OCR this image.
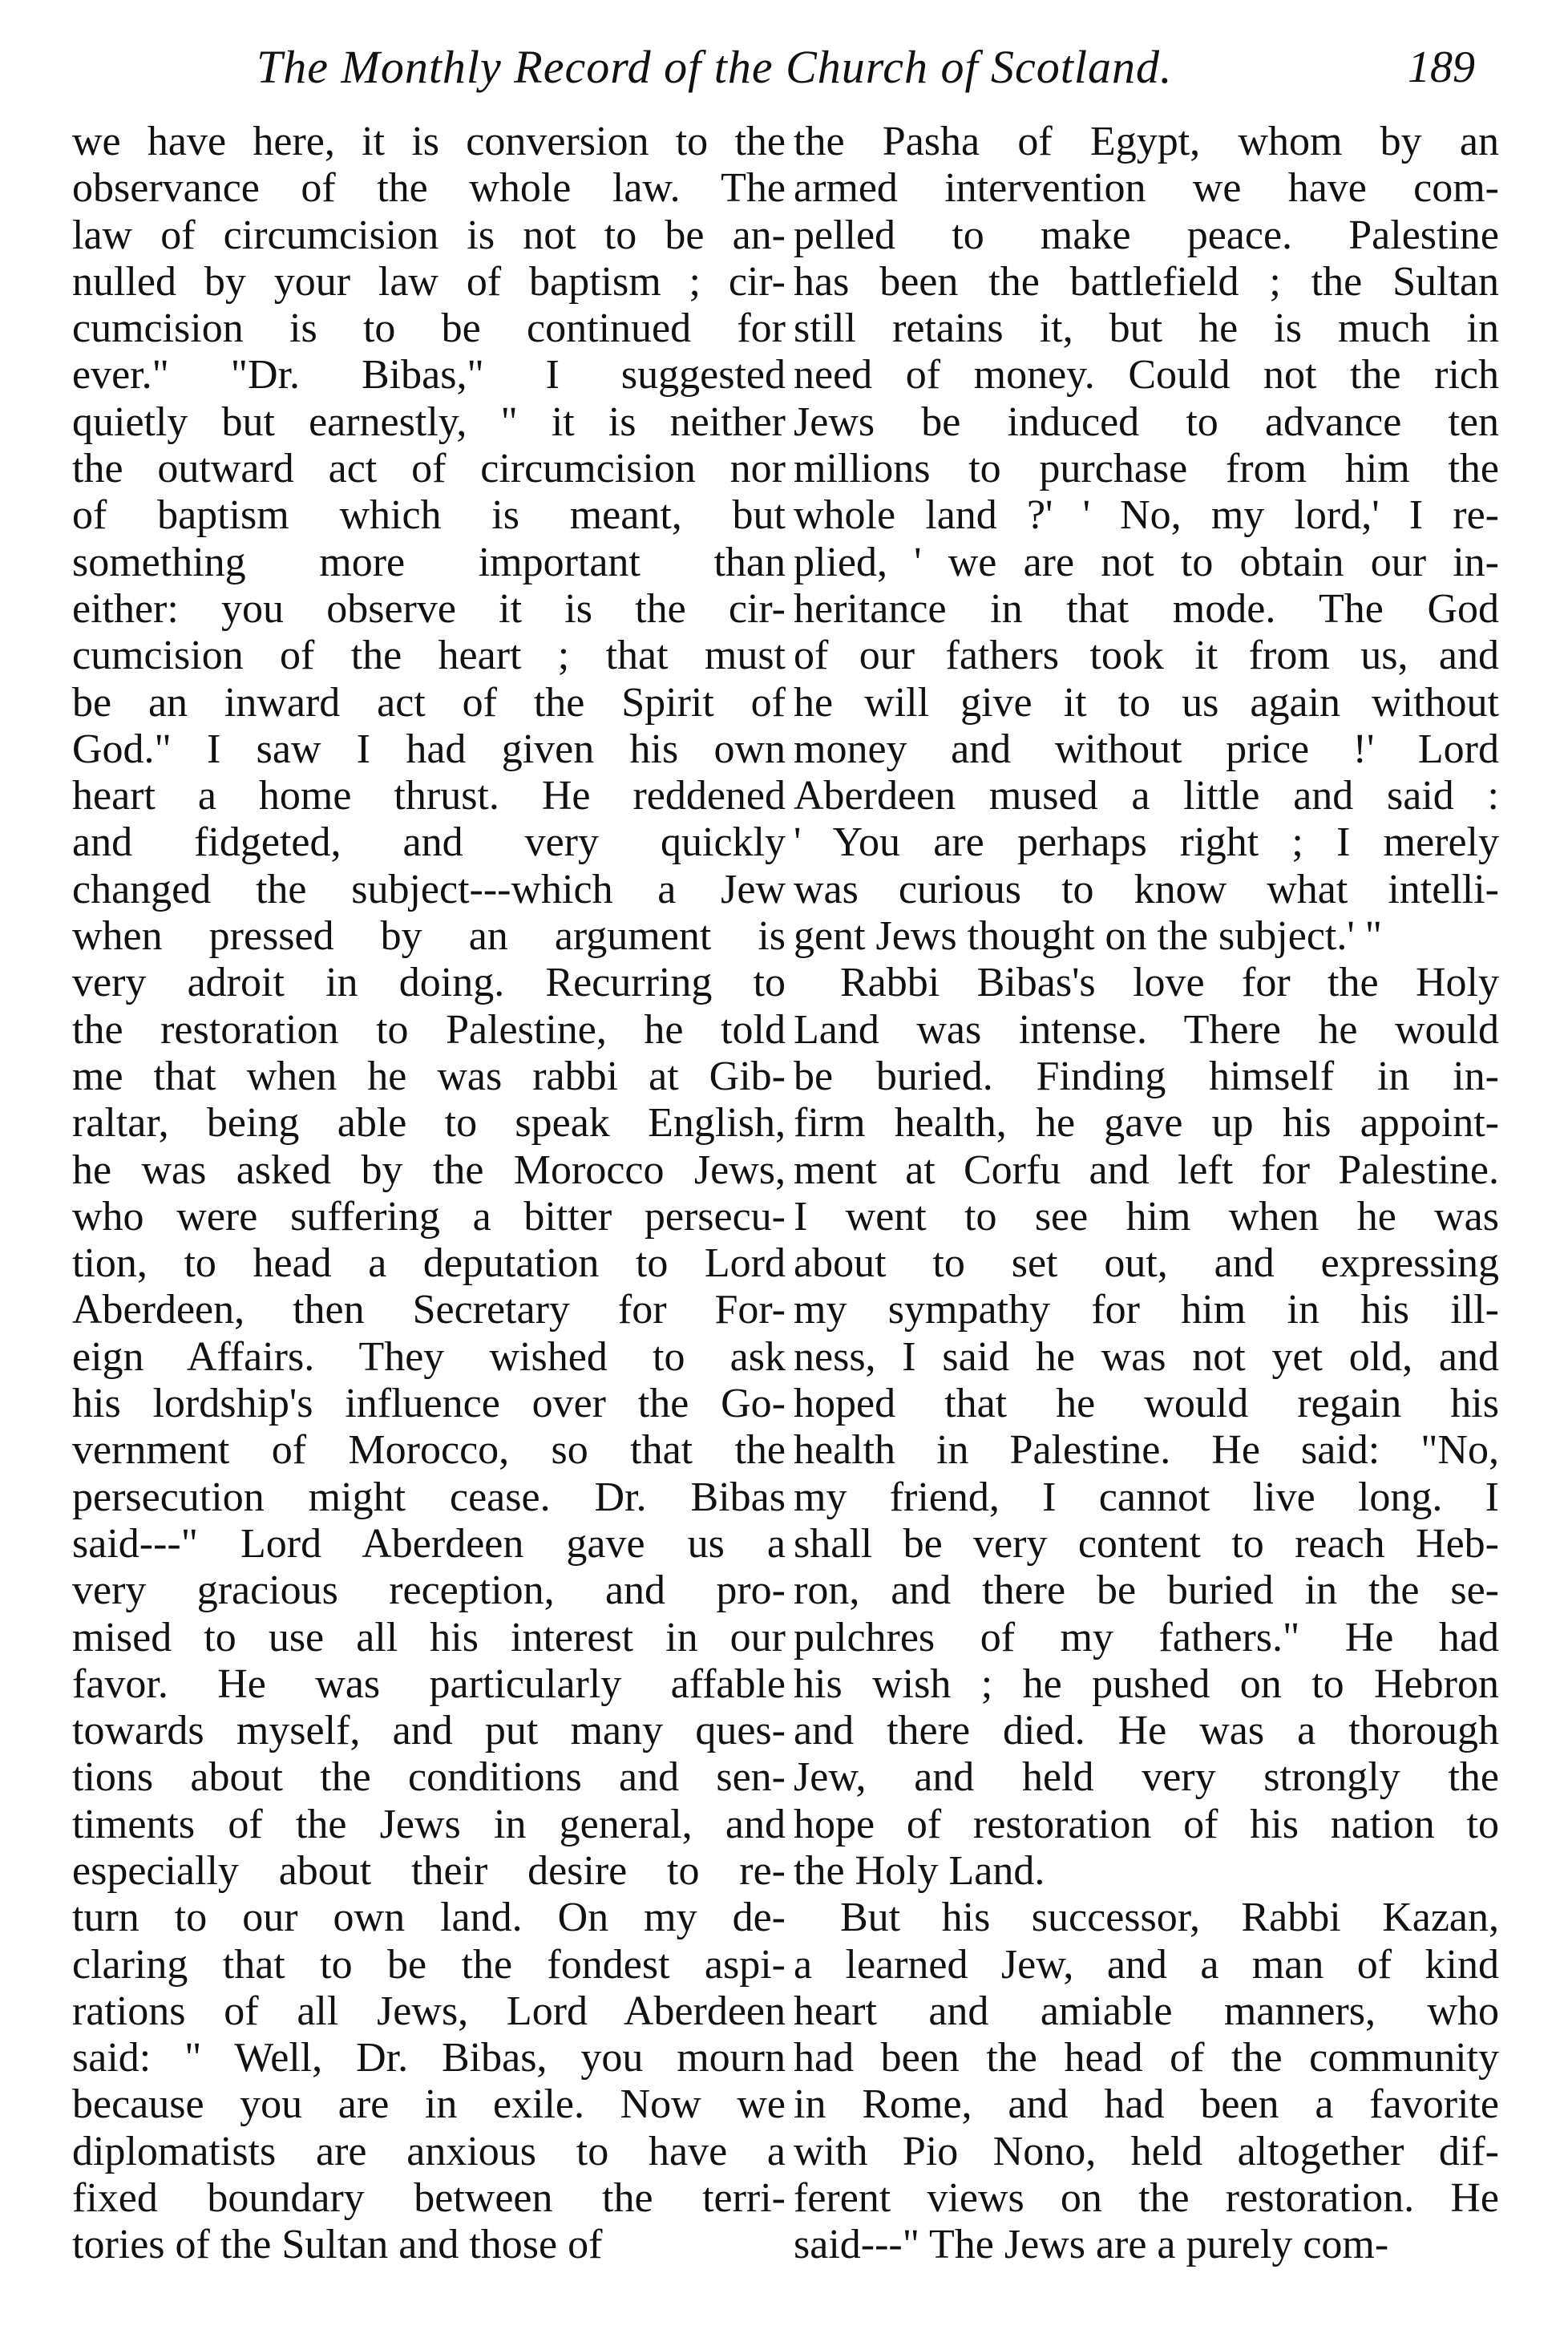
The Monthly Record of the Church of Scotland.	189
we have here, it is conversion to the
observance of the whole law. The
law of circumcision is not to be an-
nulled by your law of baptism ; cir-
cumcision is to be continued for
ever." "Dr. Bibas," I suggested
quietly but earnestly, " it is neither
the outward act of circumcision nor
of baptism which is meant, but
something more important than
either: you observe it is the cir-
cumcision of the heart ; that must
be an inward act of the Spirit of
God." I saw I had given his own
heart a home thrust. He reddened
and fidgeted, and very quickly
changed the subject---which a Jew
when pressed by an argument is
very adroit in doing. Recurring to
the restoration to Palestine, he told
me that when he was rabbi at Gib-
raltar, being able to speak English,
he was asked by the Morocco Jews,
who were suffering a bitter persecu-
tion, to head a deputation to Lord
Aberdeen, then Secretary for For-
eign Affairs. They wished to ask
his lordship's influence over the Go-
vernment of Morocco, so that the
persecution might cease. Dr. Bibas
said---" Lord Aberdeen gave us a
very gracious reception, and pro-
mised to use all his interest in our
favor. He was particularly affable
towards myself, and put many ques-
tions about the conditions and sen-
timents of the Jews in general, and
especially about their desire to re-
turn to our own land. On my de-
claring that to be the fondest aspi-
rations of all Jews, Lord Aberdeen
said: " Well, Dr. Bibas, you mourn
because you are in exile. Now we
diplomatists are anxious to have a
fixed boundary between the terri-
tories of the Sultan and those of
the Pasha of Egypt, whom by an
armed intervention we have com-
pelled to make peace. Palestine
has been the battlefield ; the Sultan
still retains it, but he is much in
need of money. Could not the rich
Jews be induced to advance ten
millions to purchase from him the
whole land ?' ' No, my lord,' I re-
plied, ' we are not to obtain our in-
heritance in that mode. The God
of our fathers took it from us, and
he will give it to us again without
money and without price !' Lord
Aberdeen mused a little and said :
' You are perhaps right ; I merely
was curious to know what intelli-
gent Jews thought on the subject.' "
Rabbi Bibas's love for the Holy
Land was intense. There he would
be buried. Finding himself in in-
firm health, he gave up his appoint-
ment at Corfu and left for Palestine.
I went to see him when he was
about to set out, and expressing
my sympathy for him in his ill-
ness, I said he was not yet old, and
hoped that he would regain his
health in Palestine. He said: "No,
my friend, I cannot live long. I
shall be very content to reach Heb-
ron, and there be buried in the se-
pulchres of my fathers." He had
his wish ; he pushed on to Hebron
and there died. He was a thorough
Jew, and held very strongly the
hope of restoration of his nation to
the Holy Land.
But his successor, Rabbi Kazan,
a learned Jew, and a man of kind
heart and amiable manners, who
had been the head of the community
in Rome, and had been a favorite
with Pio Nono, held altogether dif-
ferent views on the restoration. He
said---" The Jews are a purely com-
